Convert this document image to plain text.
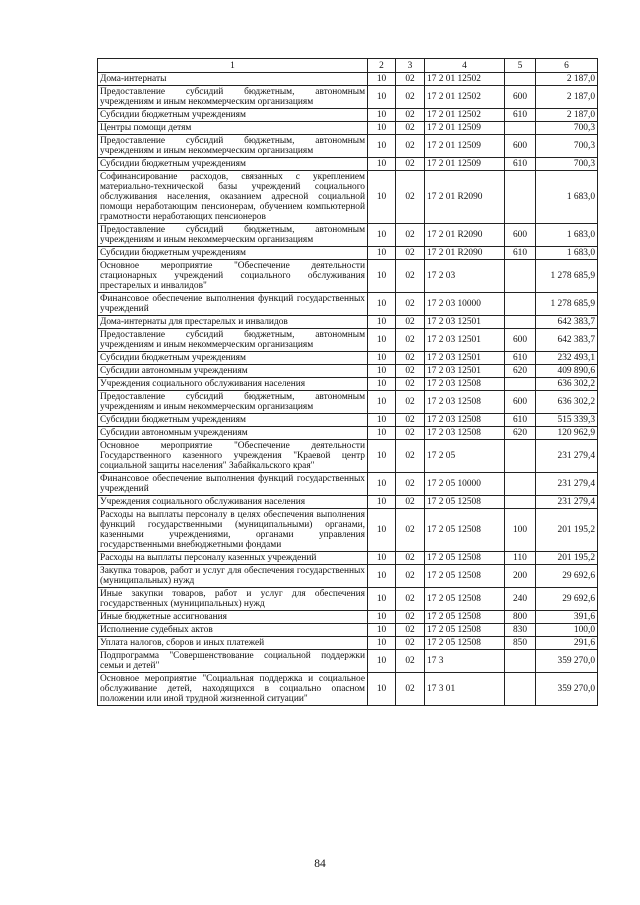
1	2	3	4	5	6
Дома-интернаты	10	02	17 2 01 12502		2 187,0
Предоставление субсидий бюджетным, автономным учреждениям и иным некоммерческим организациям	10	02	17 2 01 12502	600	2 187,0
Субсидии бюджетным учреждениям	10	02	17 2 01 12502	610	2 187,0
Центры помощи детям	10	02	17 2 01 12509		700,3
Предоставление субсидий бюджетным, автономным учреждениям и иным некоммерческим организациям	10	02	17 2 01 12509	600	700,3
Субсидии бюджетным учреждениям	10	02	17 2 01 12509	610	700,3
Софинансирование расходов, связанных с укреплением материально-технической базы учреждений социального обслуживания населения, оказанием адресной социальной помощи неработающим пенсионерам, обучением компьютерной грамотности неработающих пенсионеров	10	02	17 2 01 R2090		1 683,0
Предоставление субсидий бюджетным, автономным учреждениям и иным некоммерческим организациям	10	02	17 2 01 R2090	600	1 683,0
Субсидии бюджетным учреждениям	10	02	17 2 01 R2090	610	1 683,0
Основное мероприятие "Обеспечение деятельности стационарных учреждений социального обслуживания престарелых и инвалидов"	10	02	17 2 03		1 278 685,9
Финансовое обеспечение выполнения функций государственных учреждений	10	02	17 2 03 10000		1 278 685,9
Дома-интернаты для престарелых и инвалидов	10	02	17 2 03 12501		642 383,7
Предоставление субсидий бюджетным, автономным учреждениям и иным некоммерческим организациям	10	02	17 2 03 12501	600	642 383,7
Субсидии бюджетным учреждениям	10	02	17 2 03 12501	610	232 493,1
Субсидии автономным учреждениям	10	02	17 2 03 12501	620	409 890,6
Учреждения социального обслуживания населения	10	02	17 2 03 12508		636 302,2
Предоставление субсидий бюджетным, автономным учреждениям и иным некоммерческим организациям	10	02	17 2 03 12508	600	636 302,2
Субсидии бюджетным учреждениям	10	02	17 2 03 12508	610	515 339,3
Субсидии автономным учреждениям	10	02	17 2 03 12508	620	120 962,9
Основное мероприятие "Обеспечение деятельности Государственного казенного учреждения "Краевой центр социальной защиты населения" Забайкальского края"	10	02	17 2 05		231 279,4
Финансовое обеспечение выполнения функций государственных учреждений	10	02	17 2 05 10000		231 279,4
Учреждения социального обслуживания населения	10	02	17 2 05 12508		231 279,4
Расходы на выплаты персоналу в целях обеспечения выполнения функций государственными (муниципальными) органами, казенными учреждениями, органами управления государственными внебюджетными фондами	10	02	17 2 05 12508	100	201 195,2
Расходы на выплаты персоналу казенных учреждений	10	02	17 2 05 12508	110	201 195,2
Закупка товаров, работ и услуг для обеспечения государственных (муниципальных) нужд	10	02	17 2 05 12508	200	29 692,6
Иные закупки товаров, работ и услуг для обеспечения государственных (муниципальных) нужд	10	02	17 2 05 12508	240	29 692,6
Иные бюджетные ассигнования	10	02	17 2 05 12508	800	391,6
Исполнение судебных актов	10	02	17 2 05 12508	830	100,0
Уплата налогов, сборов и иных платежей	10	02	17 2 05 12508	850	291,6
Подпрограмма "Совершенствование социальной поддержки семьи и детей"	10	02	17 3		359 270,0
Основное мероприятие "Социальная поддержка и социальное обслуживание детей, находящихся в социально опасном положении или иной трудной жизненной ситуации"	10	02	17 3 01		359 270,0
84
